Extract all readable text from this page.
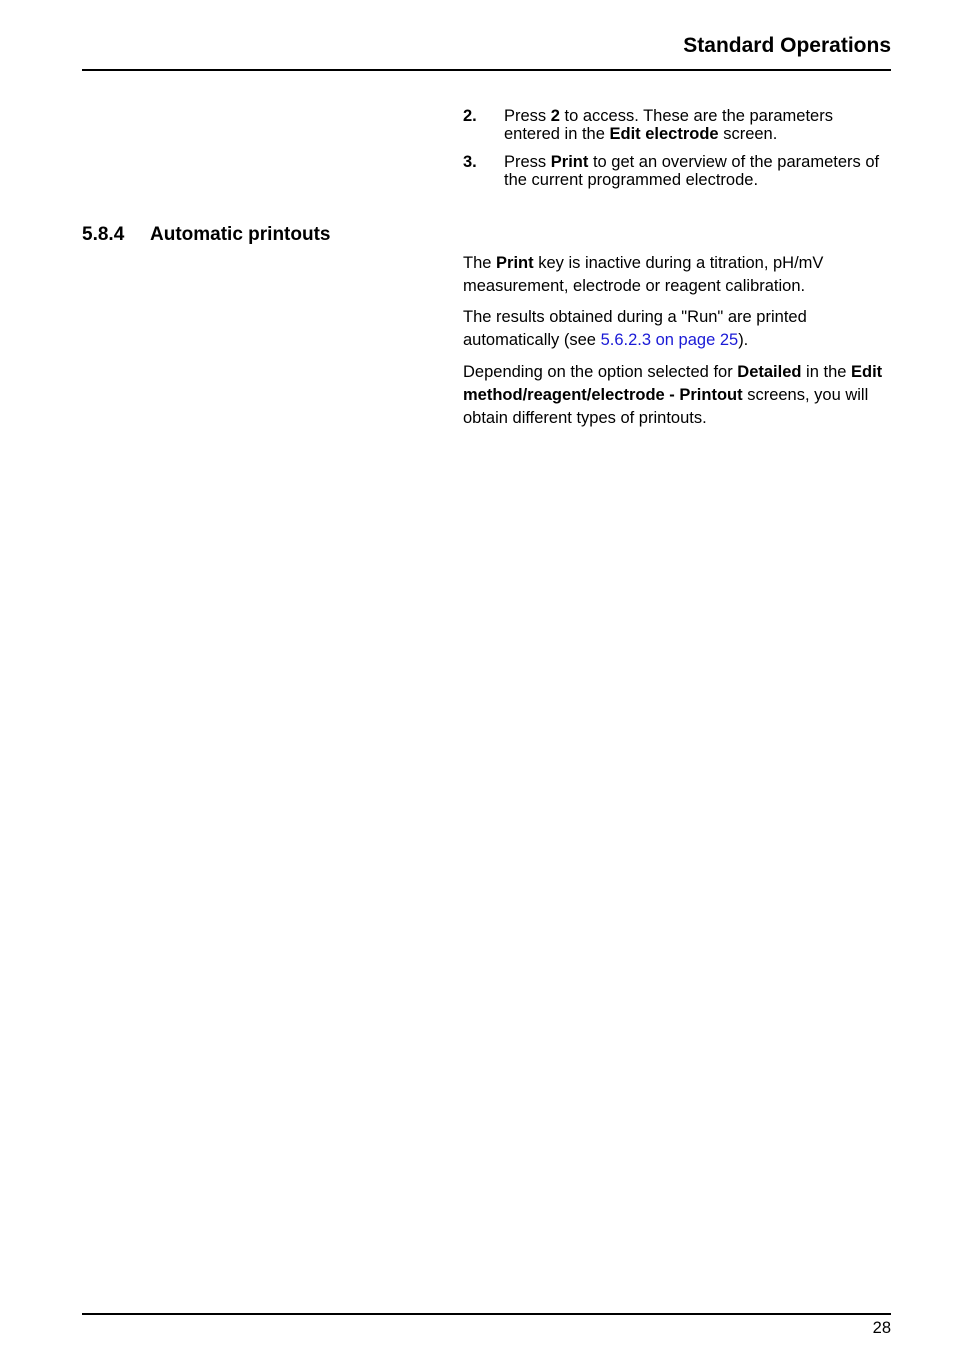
Standard Operations
2. Press 2 to access. These are the parameters entered in the Edit electrode screen.
3. Press Print to get an overview of the parameters of the current programmed electrode.
5.8.4 Automatic printouts

The Print key is inactive during a titration, pH/mV measurement, electrode or reagent calibration.

The results obtained during a "Run" are printed automatically (see 5.6.2.3 on page 25).

Depending on the option selected for Detailed in the Edit method/reagent/electrode - Printout screens, you will obtain different types of printouts.

28
